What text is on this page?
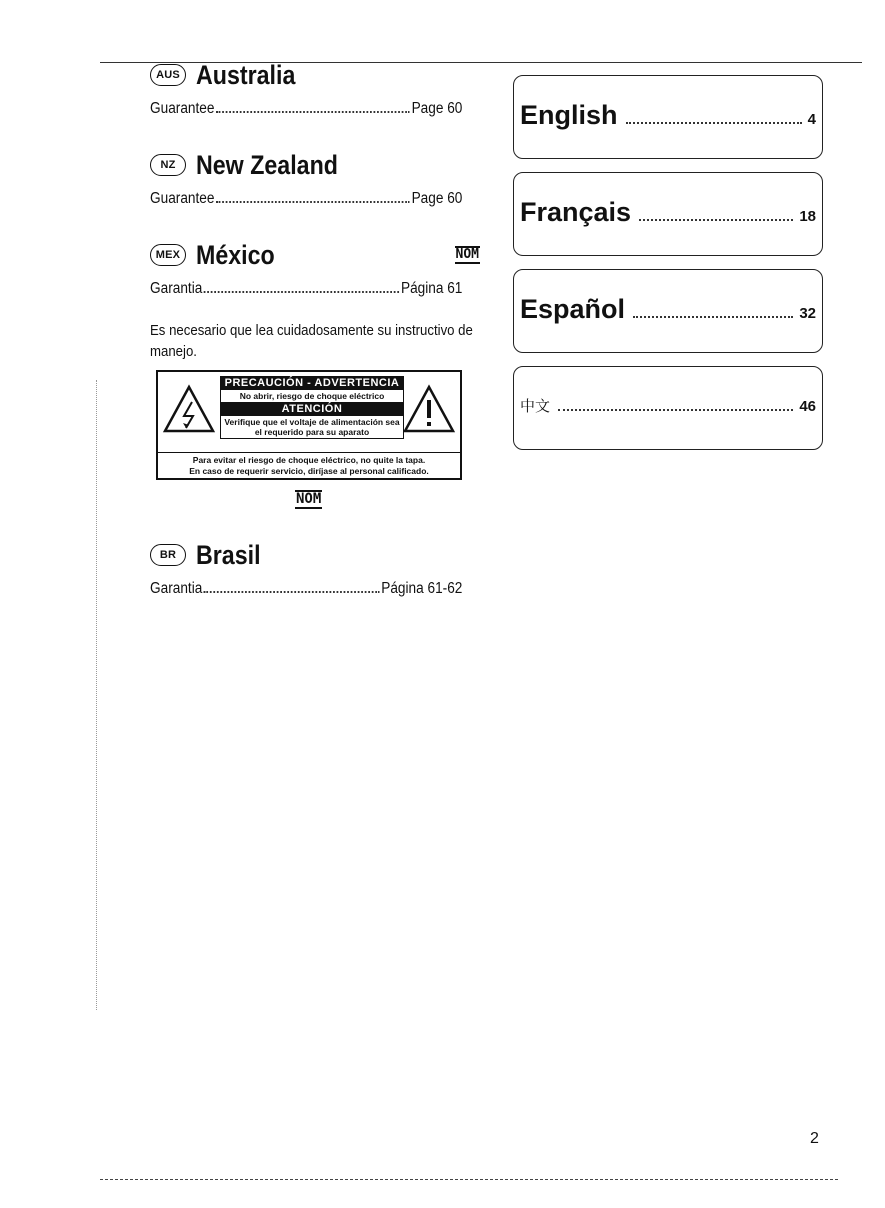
AUS Australia
Guarantee	Page 60
NZ New Zealand
Guarantee	Page 60
MEX México	NOM
Garantia	Página 61
Es necesario que lea cuidadosamente su instructivo de manejo.
PRECAUCIÓN - ADVERTENCIA
No abrir, riesgo de choque eléctrico
ATENCIÓN
Verifique que el voltaje de alimentación sea el requerido para su aparato
Para evitar el riesgo de choque eléctrico, no quite la tapa.
En caso de requerir servicio, diríjase al personal calificado.
NOM
BR Brasil
Garantia	Página 61-62
English	4
Français	18
Español	32
中文	46
2
